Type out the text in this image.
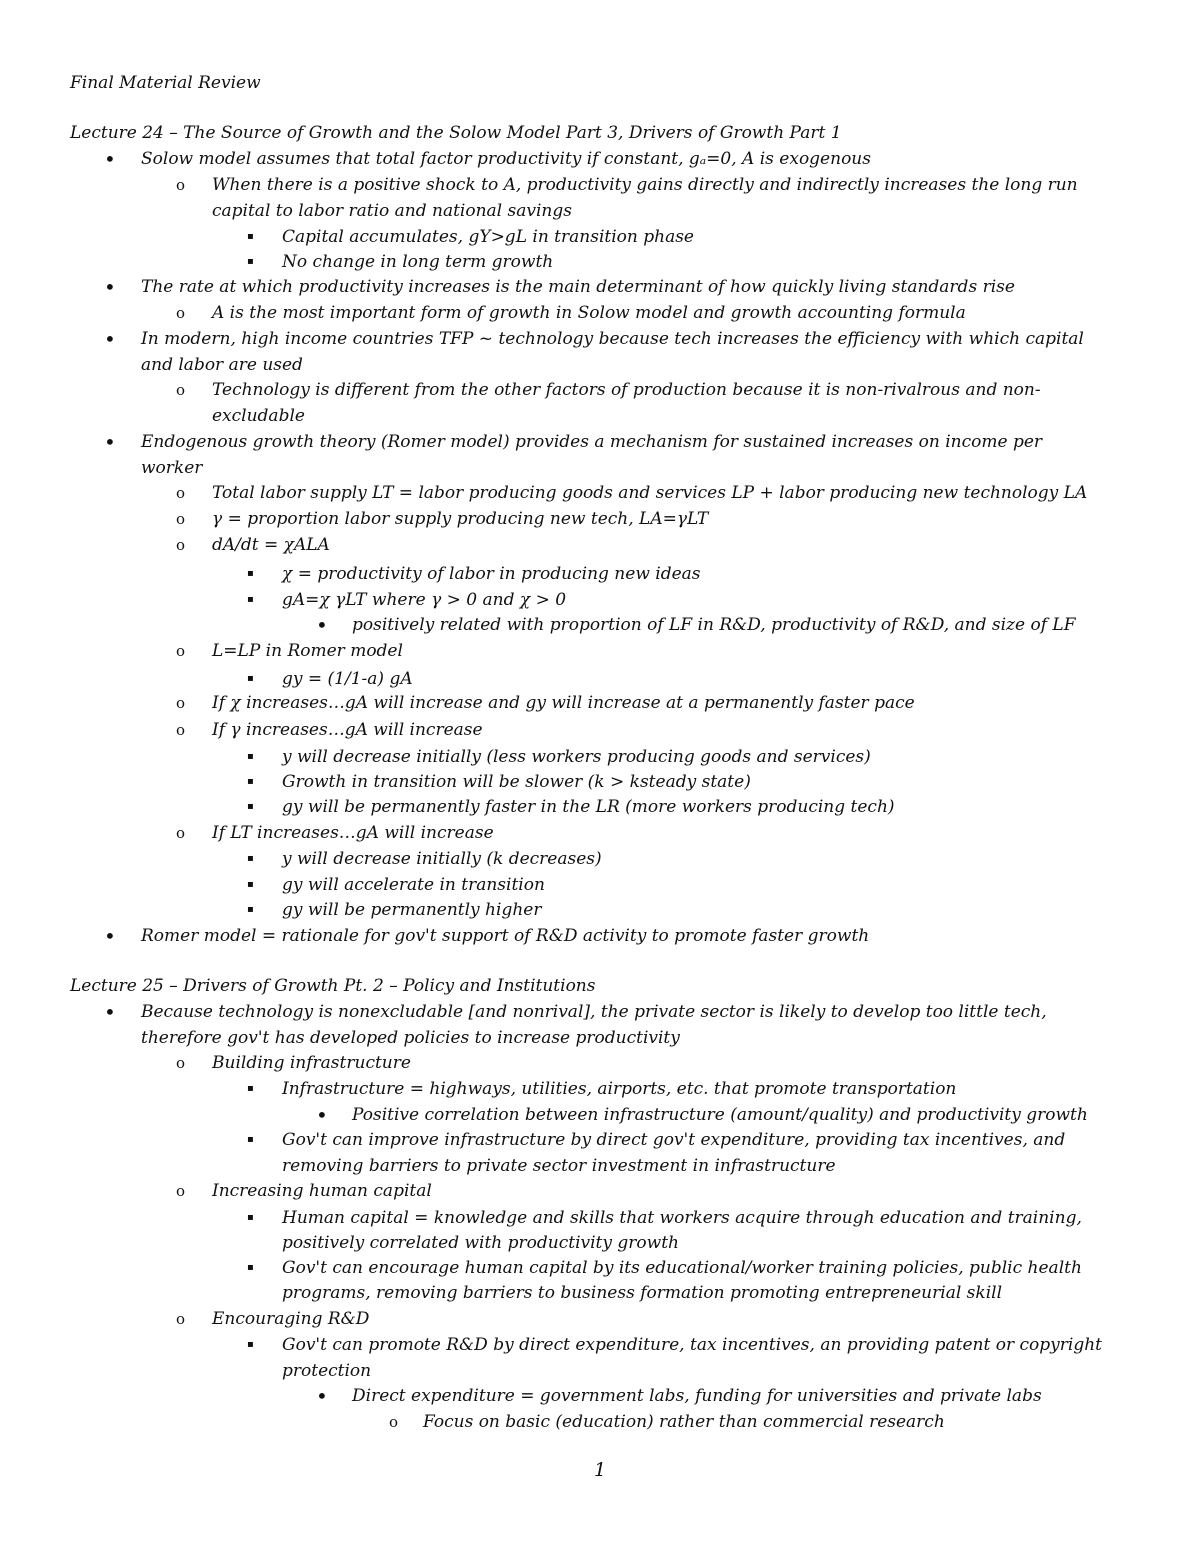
Final Material Review
Lecture 24 – The Source of Growth and the Solow Model Part 3, Drivers of Growth Part 1
• Solow model assumes that total factor productivity if constant, gₐ=0, A is exogenous
o When there is a positive shock to A, productivity gains directly and indirectly increases the long run
capital to labor ratio and national savings
▪ Capital accumulates, gY>gL in transition phase
▪ No change in long term growth
• The rate at which productivity increases is the main determinant of how quickly living standards rise
o A is the most important form of growth in Solow model and growth accounting formula
• In modern, high income countries TFP ~ technology because tech increases the efficiency with which capital
and labor are used
o Technology is different from the other factors of production because it is non-rivalrous and non-
excludable
• Endogenous growth theory (Romer model) provides a mechanism for sustained increases on income per
worker
o Total labor supply LT = labor producing goods and services LP + labor producing new technology LA
o γ = proportion labor supply producing new tech, LA=γLT
o dA/dt = χALA
▪ χ = productivity of labor in producing new ideas
▪ gA=χ γLT where γ > 0 and χ > 0
• positively related with proportion of LF in R&D, productivity of R&D, and size of LF
o L=LP in Romer model
▪ gy = (1/1-a) gA
o If χ increases…gA will increase and gy will increase at a permanently faster pace
o If γ increases…gA will increase
▪ y will decrease initially (less workers producing goods and services)
▪ Growth in transition will be slower (k > ksteady state)
▪ gy will be permanently faster in the LR (more workers producing tech)
o If LT increases…gA will increase
▪ y will decrease initially (k decreases)
▪ gy will accelerate in transition
▪ gy will be permanently higher
• Romer model = rationale for gov't support of R&D activity to promote faster growth
Lecture 25 – Drivers of Growth Pt. 2 – Policy and Institutions
• Because technology is nonexcludable [and nonrival], the private sector is likely to develop too little tech,
therefore gov't has developed policies to increase productivity
o Building infrastructure
▪ Infrastructure = highways, utilities, airports, etc. that promote transportation
• Positive correlation between infrastructure (amount/quality) and productivity growth
▪ Gov't can improve infrastructure by direct gov't expenditure, providing tax incentives, and
removing barriers to private sector investment in infrastructure
o Increasing human capital
▪ Human capital = knowledge and skills that workers acquire through education and training,
positively correlated with productivity growth
▪ Gov't can encourage human capital by its educational/worker training policies, public health
programs, removing barriers to business formation promoting entrepreneurial skill
o Encouraging R&D
▪ Gov't can promote R&D by direct expenditure, tax incentives, an providing patent or copyright
protection
• Direct expenditure = government labs, funding for universities and private labs
o Focus on basic (education) rather than commercial research
1
